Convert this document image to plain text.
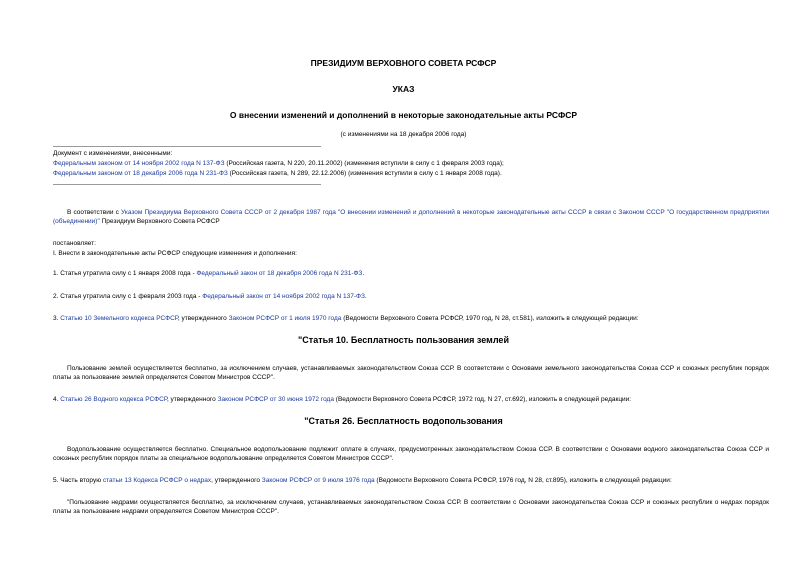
ПРЕЗИДИУМ ВЕРХОВНОГО СОВЕТА РСФСР
УКАЗ
О внесении изменений и дополнений в некоторые законодательные акты РСФСР
(с изменениями на 18 декабря 2006 года)
Документ с изменениями, внесенными:
Федеральным законом от 14 ноября 2002 года N 137-ФЗ (Российская газета, N 220, 20.11.2002) (изменения вступили в силу с 1 февраля 2003 года);
Федеральным законом от 18 декабря 2006 года N 231-ФЗ (Российская газета, N 289, 22.12.2006) (изменения вступили в силу с 1 января 2008 года).
В соответствии с Указом Президиума Верховного Совета СССР от 2 декабря 1987 года "О внесении изменений и дополнений в некоторые законодательные акты СССР в связи с Законом СССР "О государственном предприятии (объединении)" Президиум Верховного Совета РСФСР
постановляет:
I. Внести в законодательные акты РСФСР следующие изменения и дополнения:
1. Статья утратила силу с 1 января 2008 года - Федеральный закон от 18 декабря 2006 года N 231-ФЗ.
2. Статья утратила силу с 1 февраля 2003 года - Федеральный закон от 14 ноября 2002 года N 137-ФЗ.
3. Статью 10 Земельного кодекса РСФСР, утвержденного Законом РСФСР от 1 июля 1970 года (Ведомости Верховного Совета РСФСР, 1970 год, N 28, ст.581), изложить в следующей редакции:
"Статья 10. Бесплатность пользования землей
Пользование землей осуществляется бесплатно, за исключением случаев, устанавливаемых законодательством Союза ССР. В соответствии с Основами земельного законодательства Союза ССР и союзных республик порядок платы за пользование землей определяется Советом Министров СССР".
4. Статью 26 Водного кодекса РСФСР, утвержденного Законом РСФСР от 30 июня 1972 года (Ведомости Верховного Совета РСФСР, 1972 год, N 27, ст.692), изложить в следующей редакции:
"Статья 26. Бесплатность водопользования
Водопользование осуществляется бесплатно. Специальное водопользование подлежит оплате в случаях, предусмотренных законодательством Союза ССР. В соответствии с Основами водного законодательства Союза ССР и союзных республик порядок платы за специальное водопользование определяется Советом Министров СССР".
5. Часть вторую статьи 13 Кодекса РСФСР о недрах, утвержденного Законом РСФСР от 9 июля 1976 года (Ведомости Верховного Совета РСФСР, 1976 год, N 28, ст.895), изложить в следующей редакции:
"Пользование недрами осуществляется бесплатно, за исключением случаев, устанавливаемых законодательством Союза ССР. В соответствии с Основами законодательства Союза ССР и союзных республик о недрах порядок платы за пользование недрами определяется Советом Министров СССР".
